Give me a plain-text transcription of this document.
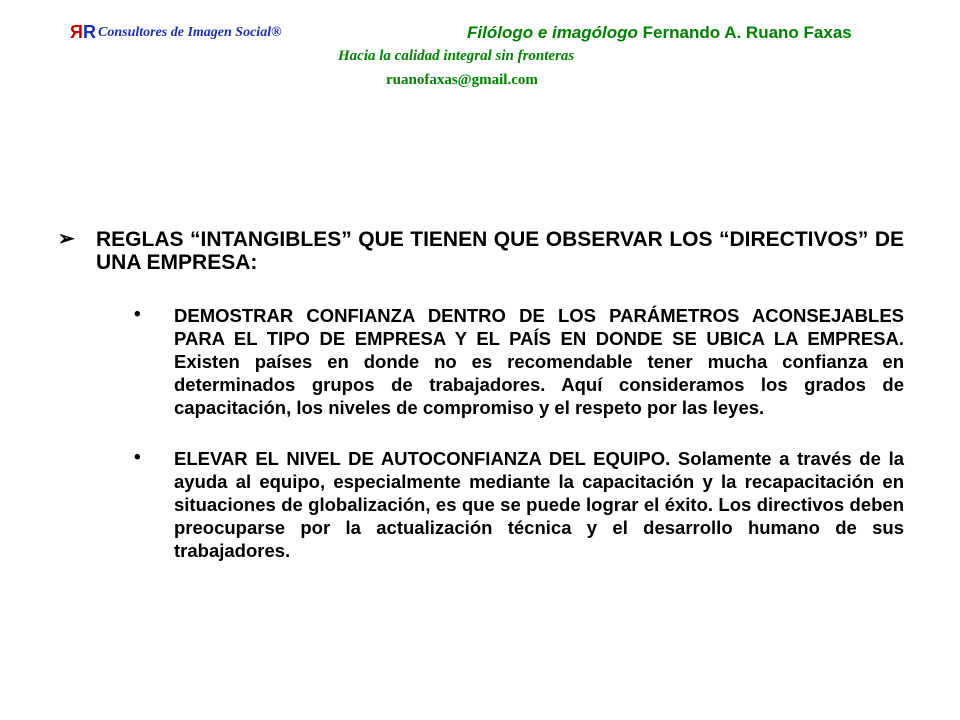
ЯR Consultores de Imagen Social®	Filólogo e imagólogo Fernando A. Ruano Faxas
Hacia la calidad integral sin fronteras
ruanofaxas@gmail.com
➢	REGLAS “INTANGIBLES” QUE TIENEN QUE OBSERVAR LOS “DIRECTIVOS” DE UNA EMPRESA:

•	DEMOSTRAR CONFIANZA DENTRO DE LOS PARÁMETROS ACONSEJABLES PARA EL TIPO DE EMPRESA Y EL PAÍS EN DONDE SE UBICA LA EMPRESA. Existen países en donde no es recomendable tener mucha confianza en determinados grupos de trabajadores. Aquí consideramos los grados de capacitación, los niveles de compromiso y el respeto por las leyes.

•	ELEVAR EL NIVEL DE AUTOCONFIANZA DEL EQUIPO. Solamente a través de la ayuda al equipo, especialmente mediante la capacitación y la recapacitación en situaciones de globalización, es que se puede lograr el éxito. Los directivos deben preocuparse por la actualización técnica y el desarrollo humano de sus trabajadores.
